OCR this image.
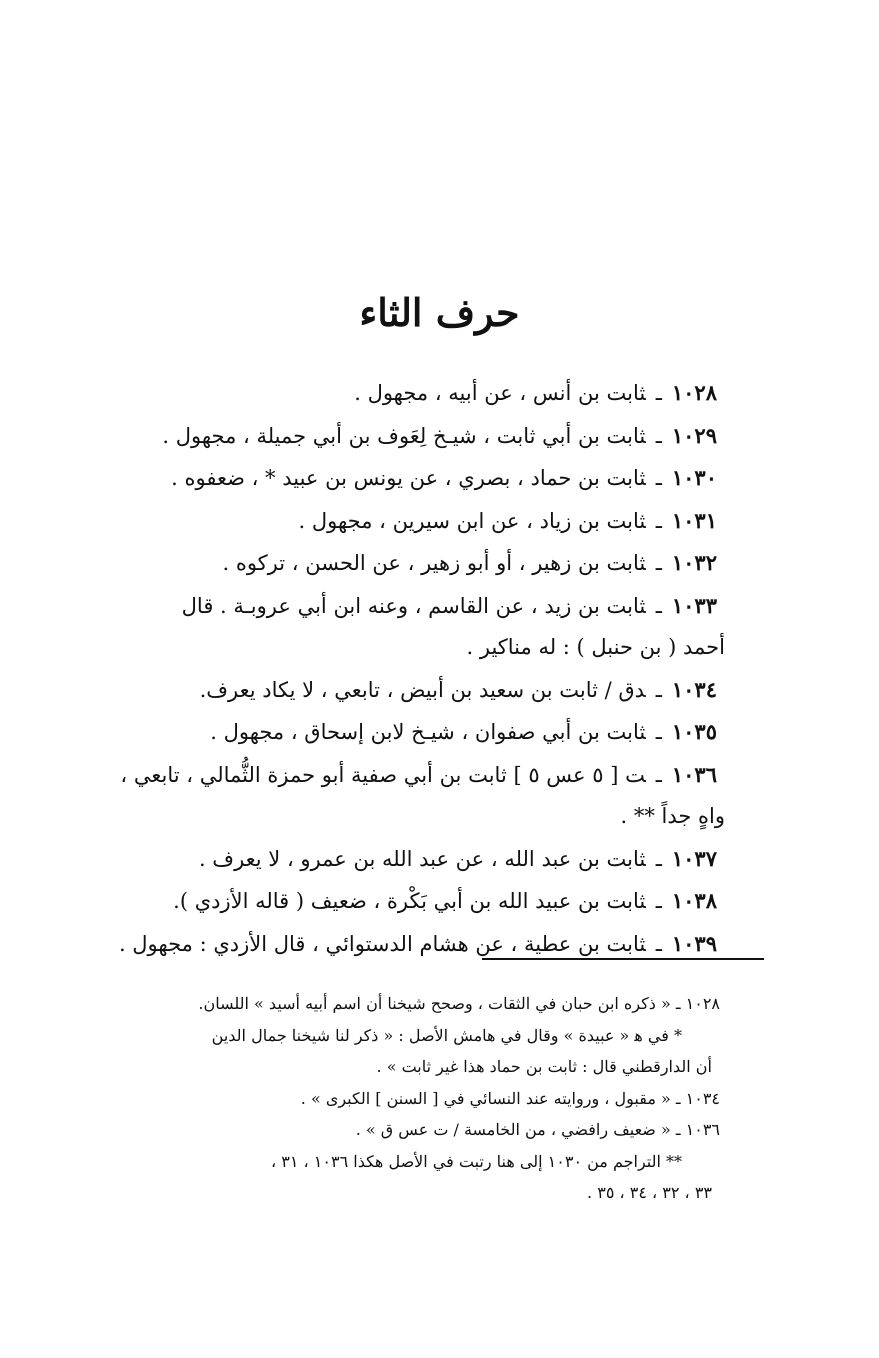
حرف الثاء

١٠٢٨ـثابت بن أنس ، عن أبيه ، مجهول .

١٠٢٩ـثابت بن أبي ثابت ، شيـخ لِعَوف بن أبي جميلة ، مجهول .

١٠٣٠ـثابت بن حماد ، بصري ، عن يونس بن عبيد * ، ضعفوه .

١٠٣١ـثابت بن زياد ، عن ابن سيرين ، مجهول .

١٠٣٢ـثابت بن زهير ، أو أبو زهير ، عن الحسن ، تركوه .

١٠٣٣ـثابت بن زيد ، عن القاسم ، وعنه ابن أبي عروبـة . قال
أحمد ( بن حنبل ) : له مناكير .

١٠٣٤ـدق / ثابت بن سعيد بن أبيض ، تابعي ، لا يكاد يعرف.

١٠٣٥ـثابت بن أبي صفوان ، شيـخ لابن إسحاق ، مجهول .

١٠٣٦ـت [ ٥ عس ٥ ] ثابت بن أبي صفية أبو حمزة الثُّمالي ، تابعي ،
واهٍ جداً ** .

١٠٣٧ـثابت بن عبد الله ، عن عبد الله بن عمرو ، لا يعرف .

١٠٣٨ـثابت بن عبيد الله بن أبي بَكْرة ، ضعيف ( قاله الأزدي ).

١٠٣٩ـثابت بن عطية ، عن هشام الدستوائي ، قال الأزدي : مجهول .

١٠٢٨ ـ « ذكره ابن حبان في الثقات ، وصحح شيخنا أن اسم أبيه أسيد » اللسان.

* في ﻫ « عبيدة » وقال في هامش الأصل : « ذكر لنا شيخنا جمال الدين
أن الدارقطني قال : ثابت بن حماد هذا غير ثابت » .

١٠٣٤ ـ « مقبول ، وروايته عند النسائي في [ السنن ] الكبرى » .

١٠٣٦ ـ « ضعيف رافضي ، من الخامسة / ت عس ق » .

** التراجم من ١٠٣٠ إلى هنا رتبت في الأصل هكذا ١٠٣٦ ، ٣١ ،
٣٣ ، ٣٢ ، ٣٤ ، ٣٥ .
